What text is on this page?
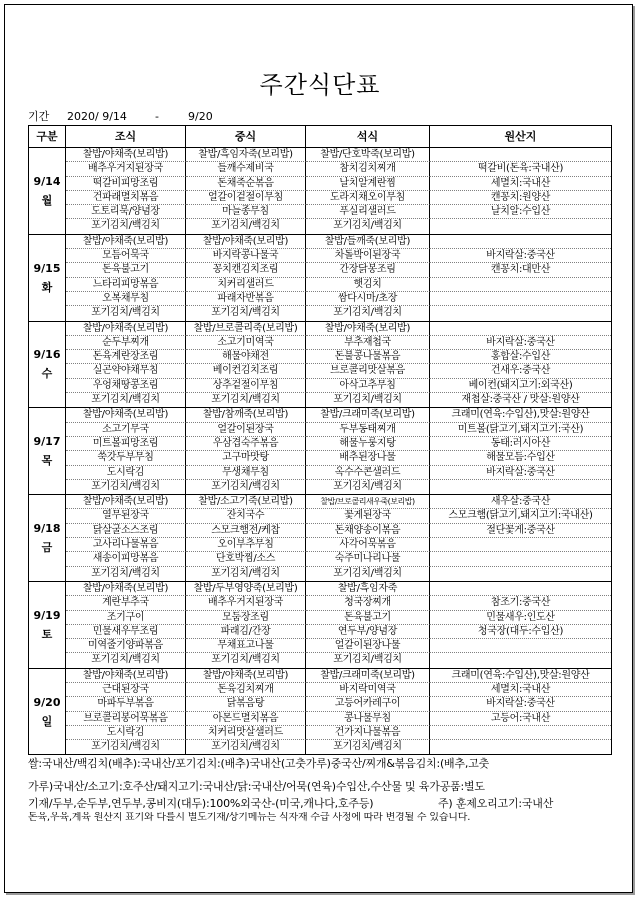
주간식단표
기간 2020/ 9/14	-	9/20
구분	조식	중식	석식	원산지
9/14
월
찰밥/야채죽(보리밥)	찰밥/흑임자죽(보리밥)	찰밥/단호박죽(보리밥)
배추우거지된장국	들깨수제비국	참치김치찌개	떡갈비(돈육:국내산)
떡갈비피망조림	돈채죽순볶음	날치알계란찜	세멸치:국내산
건파래멸치볶음	얼갈이겉절이무침	도라지채오이무침	캔꽁치:원양산
도토리묵/양념장	마늘종무침	푸실리샐러드	날치알:수입산
포기김치/백김치	포기김치/백김치	포기김치/백김치
9/15
화
찰밥/야채죽(보리밥)	찰밥/야채죽(보리밥)	찰밥/들깨죽(보리밥)
모듬어묵국	바지락콩나물국	차돌박이된장국	바지락살:중국산
돈육불고기	꽁치캔김치조림	간장닭봉조림	캔꽁치:대만산
느타리피망볶음	치커리샐러드	햇김치
오복채무침	파래자반볶음	쌈다시마/초장
포기김치/백김치	포기김치/백김치	포기김치/백김치
9/16
수
찰밥/야채죽(보리밥)	찰밥/브로콜리죽(보리밥)	찰밥/야채죽(보리밥)
순두부찌개	소고기미역국	부추재첩국	바지락살:중국산
돈육계란장조림	해물야채전	돈불콩나물볶음	홍합살:수입산
실곤약야채무침	베이컨김치조림	브로콜리맛살볶음	건새우:중국산
우엉채땅콩조림	상추겉절이무침	아삭고추무침	베이컨(돼지고기:외국산)
포기김치/백김치	포기김치/백김치	포기김치/백김치	재첩살:중국산 / 맛살:원양산
9/17
목
찰밥/야채죽(보리밥)	찰밥/참깨죽(보리밥)	찰밥/크래미죽(보리밥)	크래미(연육:수입산),맛살:원양산
소고기무국	얼갈이된장국	두부동태찌개	미트볼(닭고기,돼지고기:국산)
미트볼피망조림	우삼겹숙주볶음	해물누룽지탕	동태:러시아산
쑥갓두부무침	고구마맛탕	배추된장나물	해물모듬:수입산
도시락김	무생채무침	옥수수콘샐러드	바지락살:중국산
포기김치/백김치	포기김치/백김치	포기김치/백김치
9/18
금
찰밥/야채죽(보리밥)	찰밥/소고기죽(보리밥)	찰밥/브로콜리새우죽(보리밥)	새우살:중국산
열무된장국	잔치국수	꽃게된장국	스모크햄(닭고기,돼지고기:국내산)
닭살굴소스조림	스모크햄전/케찹	돈채양송이볶음	절단꽃게:중국산
고사리나물볶음	오이부추무침	사각어묵볶음
새송이피망볶음	단호박찜/소스	숙주미나리나물
포기김치/백김치	포기김치/백김치	포기김치/백김치
9/19
토
찰밥/야채죽(보리밥)	찰밥/두부영양죽(보리밥)	찰밥/흑임자죽
계란부추국	배추우거지된장국	청국장찌개	참조기:중국산
조기구이	모둠장조림	돈육불고기	민물새우:인도산
민물새우무조림	파래김/간장	연두부/양념장	청국장(대두:수입산)
미역줄기양파볶음	무채표고나물	얼갈이된장나물
포기김치/백김치	포기김치/백김치	포기김치/백김치
9/20
일
찰밥/야채죽(보리밥)	찰밥/야채죽(보리밥)	찰밥/크래미죽(보리밥)	크래미(연육:수입산),맛살:원양산
근대된장국	돈육김치찌개	바지락미역국	세멸치:국내산
마파두부볶음	닭볶음탕	고등어카레구이	바지락살:중국산
브로콜리봉어묵볶음	아몬드멸치볶음	콩나물무침	고등어:국내산
도시락김	치커리맛살샐러드	건가지나물볶음
포기김치/백김치	포기김치/백김치	포기김치/백김치
쌀:국내산/백김치(배추):국내산/포기김치:(배추)국내산(고춧가루)중국산/찌개&볶음김치:(배추,고춧
가루)국내산/소고기:호주산/돼지고기:국내산/닭:국내산/어묵(연육)수입산,수산물 및 육가공품:별도
기재/두부,순두부,연두부,콩비지(대두):100%외국산-(미국,캐나다,호주등)	주) 훈제오리고기:국내산
돈육,우육,계육 원산지 표기와 다를시 별도기재/상기메뉴는 식자재 수급 사정에 따라 변경될 수 있습니다.
